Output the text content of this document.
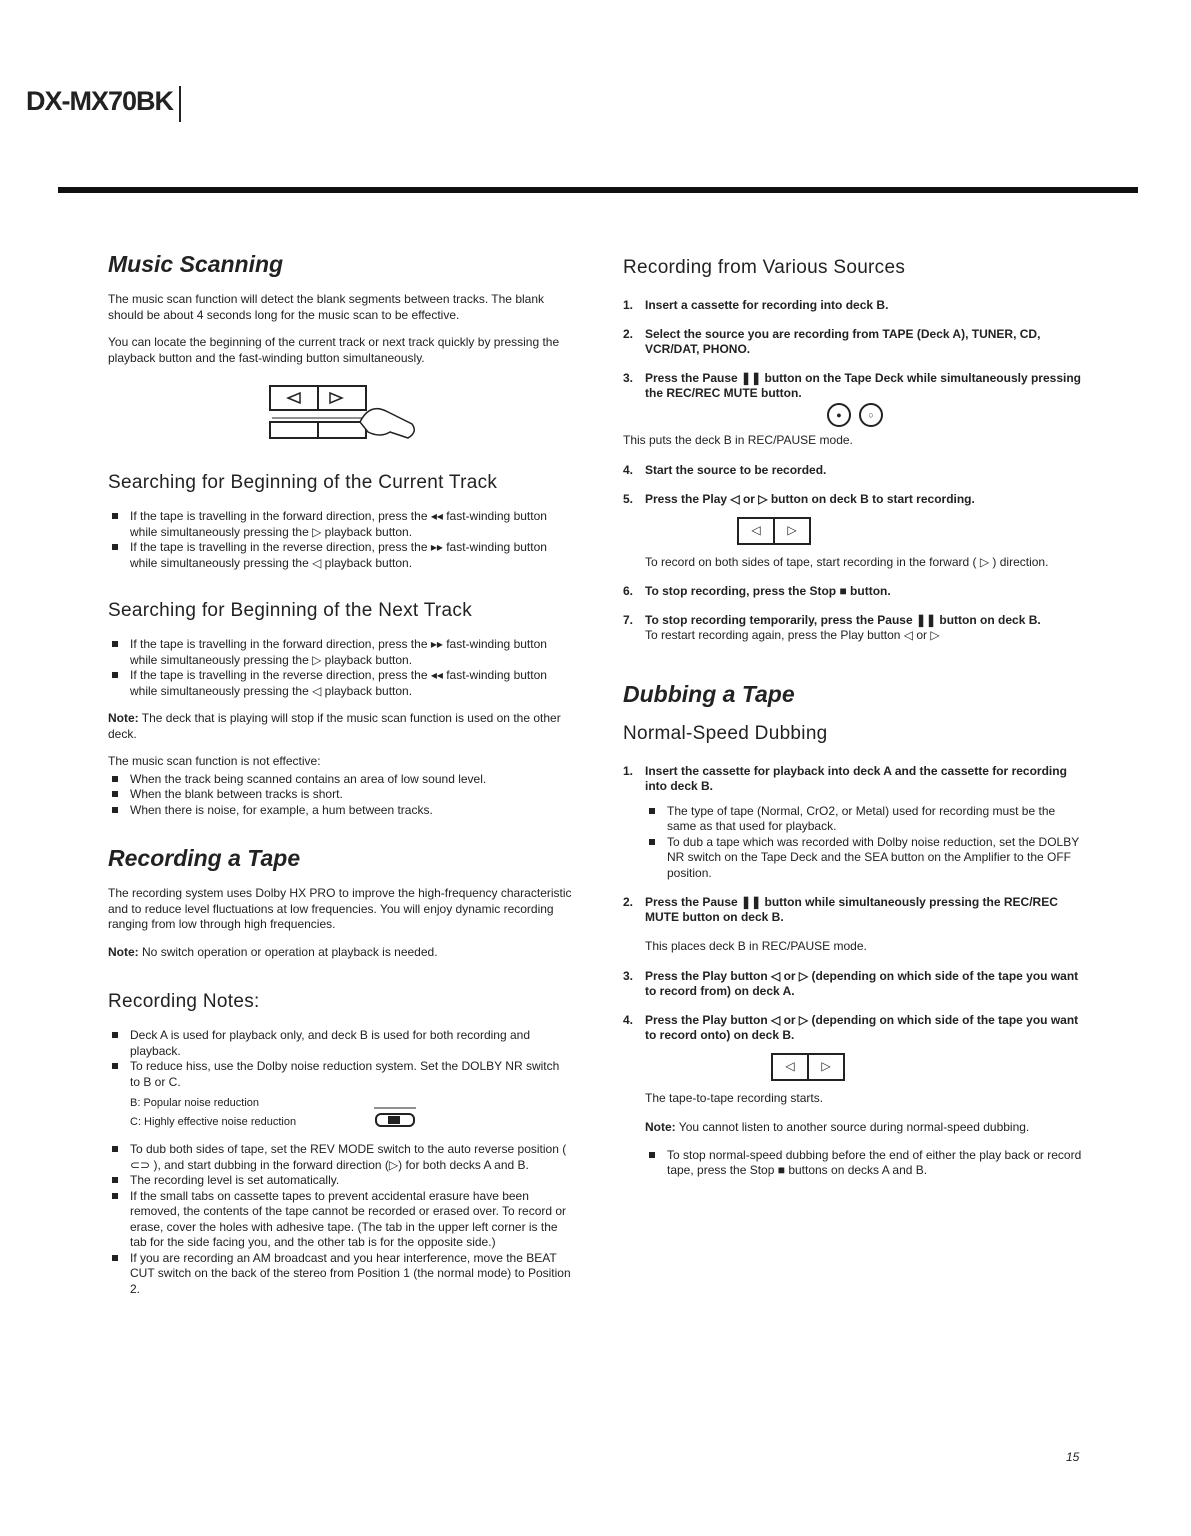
DX-MX70BK
Music Scanning

The music scan function will detect the blank segments between tracks. The blank should be about 4 seconds long for the music scan to be effective.

You can locate the beginning of the current track or next track quickly by pressing the playback button and the fast-winding button simultaneously.

Searching for Beginning of the Current Track
If the tape is travelling in the forward direction, press the ◂◂ fast-winding button while simultaneously pressing the ▷ playback button.
If the tape is travelling in the reverse direction, press the ▸▸ fast-winding button while simultaneously pressing the ◁ playback button.
Searching for Beginning of the Next Track
If the tape is travelling in the forward direction, press the ▸▸ fast-winding button while simultaneously pressing the ▷ playback button.
If the tape is travelling in the reverse direction, press the ◂◂ fast-winding button while simultaneously pressing the ◁ playback button.

Note: The deck that is playing will stop if the music scan function is used on the other deck.

The music scan function is not effective:

When the track being scanned contains an area of low sound level.
When the blank between tracks is short.
When there is noise, for example, a hum between tracks.
Recording a Tape

The recording system uses Dolby HX PRO to improve the high-frequency characteristic and to reduce level fluctuations at low frequencies. You will enjoy dynamic recording ranging from low through high frequencies.

Note: No switch operation or operation at playback is needed.

Recording Notes:
Deck A is used for playback only, and deck B is used for both recording and playback.
To reduce hiss, use the Dolby noise reduction system. Set the DOLBY NR switch to B or C.
B: Popular noise reduction
C: Highly effective noise reduction
To dub both sides of tape, set the REV MODE switch to the auto reverse position ( ⊂⊃ ), and start dubbing in the forward direction (▷) for both decks A and B.
The recording level is set automatically.
If the small tabs on cassette tapes to prevent accidental erasure have been removed, the contents of the tape cannot be recorded or erased over. To record or erase, cover the holes with adhesive tape. (The tab in the upper left corner is the tab for the side facing you, and the other tab is for the opposite side.)
If you are recording an AM broadcast and you hear interference, move the BEAT CUT switch on the back of the stereo from Position 1 (the normal mode) to Position 2.
Recording from Various Sources
1. Insert a cassette for recording into deck B.
2. Select the source you are recording from TAPE (Deck A), TUNER, CD, VCR/DAT, PHONO.
3. Press the Pause ❚❚ button on the Tape Deck while simultaneously pressing the REC/REC MUTE button.
●	○
This puts the deck B in REC/PAUSE mode.
4. Start the source to be recorded.
5. Press the Play ◁ or ▷ button on deck B to start recording.
◁	▷
To record on both sides of tape, start recording in the forward ( ▷ ) direction.
6. To stop recording, press the Stop ■ button.
7. To stop recording temporarily, press the Pause ❚❚ button on deck B.
To restart recording again, press the Play button ◁ or ▷
Dubbing a Tape
Normal-Speed Dubbing
1. Insert the cassette for playback into deck A and the cassette for recording into deck B.
The type of tape (Normal, CrO2, or Metal) used for recording must be the same as that used for playback.
To dub a tape which was recorded with Dolby noise reduction, set the DOLBY NR switch on the Tape Deck and the SEA button on the Amplifier to the OFF position.
2. Press the Pause ❚❚ button while simultaneously pressing the REC/REC MUTE button on deck B.
This places deck B in REC/PAUSE mode.
3. Press the Play button ◁ or ▷ (depending on which side of the tape you want to record from) on deck A.
4. Press the Play button ◁ or ▷ (depending on which side of the tape you want to record onto) on deck B.
◁	▷
The tape-to-tape recording starts.

Note: You cannot listen to another source during normal-speed dubbing.

To stop normal-speed dubbing before the end of either the play back or record tape, press the Stop ■ buttons on decks A and B.
15
